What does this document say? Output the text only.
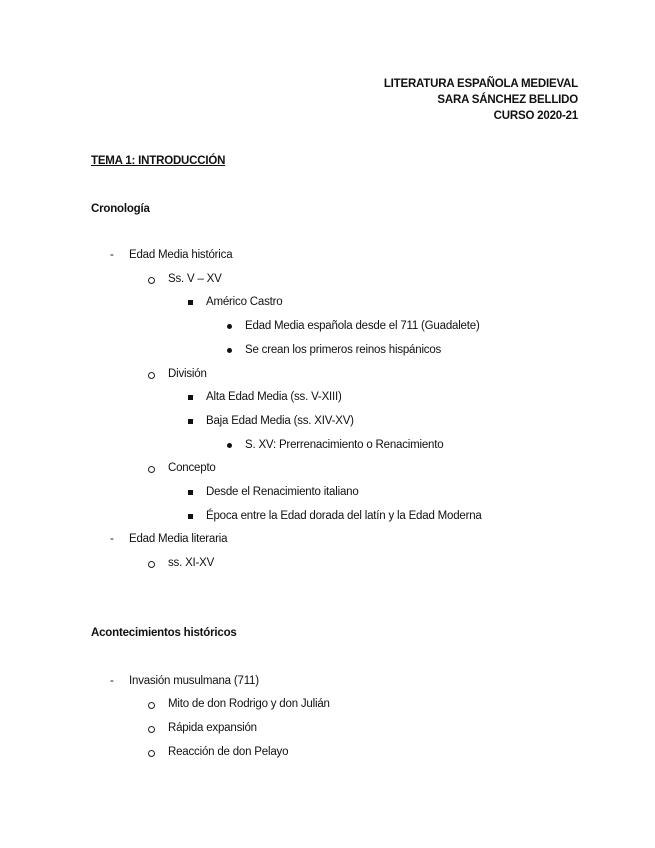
LITERATURA ESPAÑOLA MEDIEVAL
SARA SÁNCHEZ BELLIDO
CURSO 2020-21
TEMA 1: INTRODUCCIÓN
Cronología
- Edad Media histórica
Ss. V – XV
Américo Castro
Edad Media española desde el 711 (Guadalete)
Se crean los primeros reinos hispánicos
División
Alta Edad Media (ss. V-XIII)
Baja Edad Media (ss. XIV-XV)
S. XV: Prerrenacimiento o Renacimiento
Concepto
Desde el Renacimiento italiano
Época entre la Edad dorada del latín y la Edad Moderna
- Edad Media literaria
ss. XI-XV
Acontecimientos históricos
- Invasión musulmana (711)
Mito de don Rodrigo y don Julián
Rápida expansión
Reacción de don Pelayo
